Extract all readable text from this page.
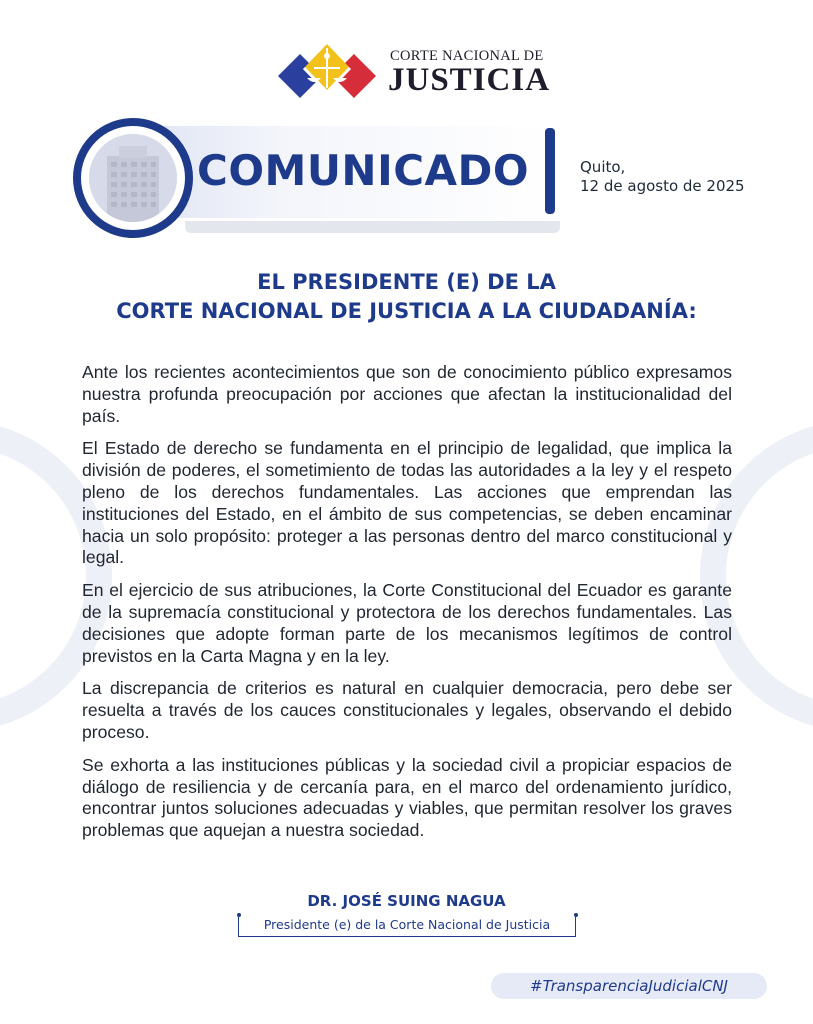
CORTE NACIONAL DE
JUSTICIA
COMUNICADO	Quito,
12 de agosto de 2025
EL PRESIDENTE (E) DE LA
CORTE NACIONAL DE JUSTICIA A LA CIUDADANÍA:

Ante los recientes acontecimientos que son de conocimiento público expresamos nuestra profunda preocupación por acciones que afectan la institucionalidad del país.

El Estado de derecho se fundamenta en el principio de legalidad, que implica la división de poderes, el sometimiento de todas las autoridades a la ley y el respeto pleno de los derechos fundamentales. Las acciones que emprendan las instituciones del Estado, en el ámbito de sus competencias, se deben encaminar hacia un solo propósito: proteger a las personas dentro del marco constitucional y legal.

En el ejercicio de sus atribuciones, la Corte Constitucional del Ecuador es garante de la supremacía constitucional y protectora de los derechos fundamentales. Las decisiones que adopte forman parte de los mecanismos legítimos de control previstos en la Carta Magna y en la ley.

La discrepancia de criterios es natural en cualquier democracia, pero debe ser resuelta a través de los cauces constitucionales y legales, observando el debido proceso.

Se exhorta a las instituciones públicas y la sociedad civil a propiciar espacios de diálogo de resiliencia y de cercanía para, en el marco del ordenamiento jurídico, encontrar juntos soluciones adecuadas y viables, que permitan resolver los graves problemas que aquejan a nuestra sociedad.

DR. JOSÉ SUING NAGUA
Presidente (e) de la Corte Nacional de Justicia
#TransparenciaJudicialCNJ
